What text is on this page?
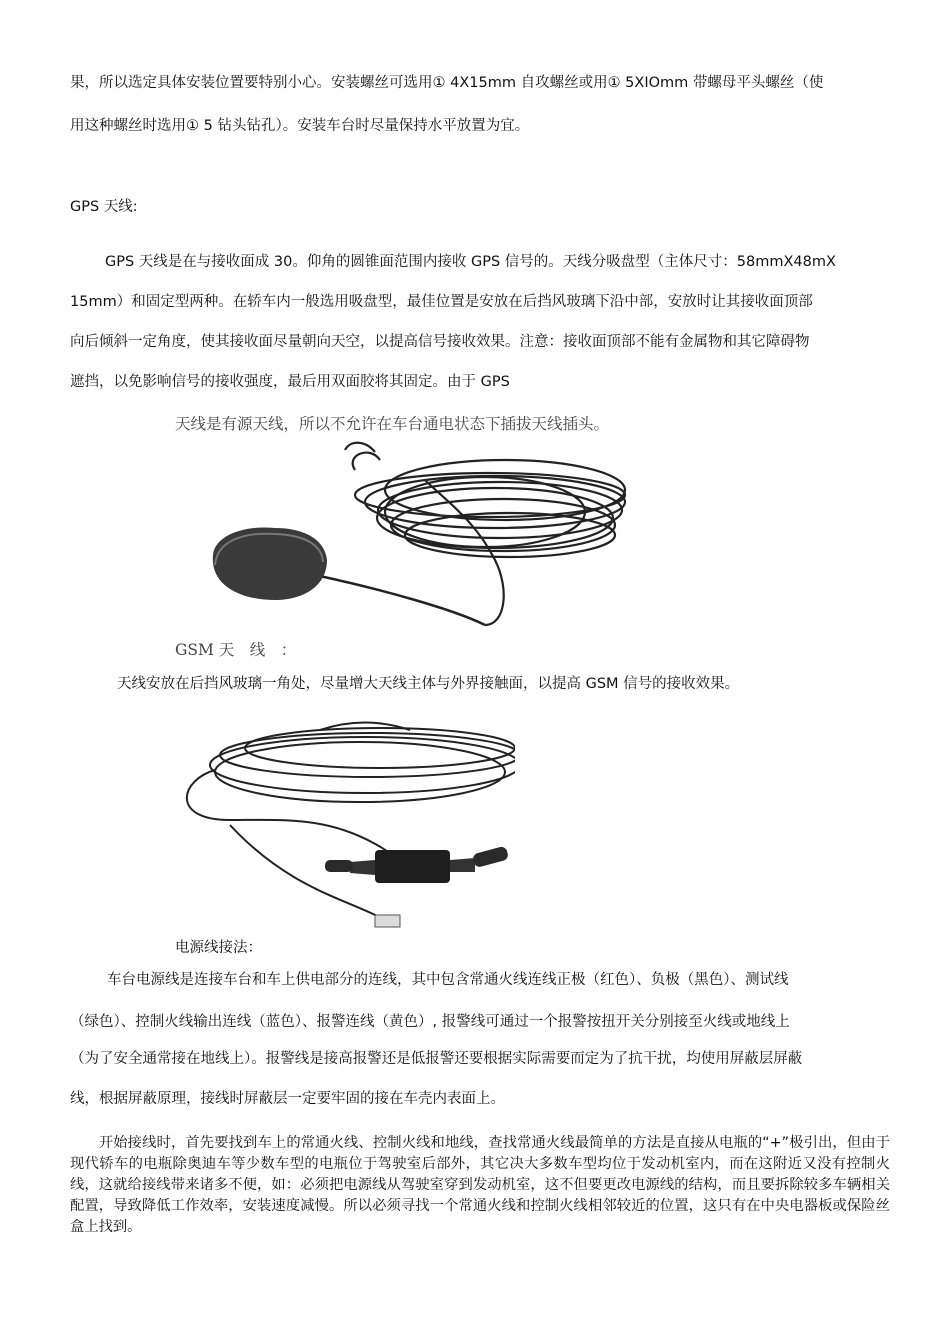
果，所以选定具体安装位置要特别小心。安装螺丝可选用① 4X15mm 自攻螺丝或用① 5XIOmm 带螺母平头螺丝（使
用这种螺丝时选用① 5 钻头钻孔）。安装车台时尽量保持水平放置为宜。
GPS 天线:
GPS 天线是在与接收面成 30。仰角的圆锥面范围内接收 GPS 信号的。天线分吸盘型（主体尺寸：58mmX48mX
15mm）和固定型两种。在轿车内一般选用吸盘型，最佳位置是安放在后挡风玻璃下沿中部，安放时让其接收面顶部
向后倾斜一定角度，使其接收面尽量朝向天空，以提高信号接收效果。注意：接收面顶部不能有金属物和其它障碍物
遮挡，以免影响信号的接收强度，最后用双面胶将其固定。由于 GPS
天线是有源天线，所以不允许在车台通电状态下插拔天线插头。
GSM 天　线　：
天线安放在后挡风玻璃一角处，尽量增大天线主体与外界接触面，以提高 GSM 信号的接收效果。
电源线接法：
车台电源线是连接车台和车上供电部分的连线，其中包含常通火线连线正极（红色）、负极（黑色）、测试线
（绿色）、控制火线输出连线（蓝色）、报警连线（黄色）, 报警线可通过一个报警按扭开关分别接至火线或地线上
（为了安全通常接在地线上）。报警线是接高报警还是低报警还要根据实际需要而定为了抗干扰，均使用屏蔽层屏蔽
线，根据屏蔽原理，接线时屏蔽层一定要牢固的接在车壳内表面上。
　　开始接线时，首先要找到车上的常通火线、控制火线和地线，查找常通火线最简单的方法是直接从电瓶的“+”极引出，但由于现代轿车的电瓶除奥迪车等少数车型的电瓶位于驾驶室后部外，其它决大多数车型均位于发动机室内，而在这附近又没有控制火线，这就给接线带来诸多不便，如：必须把电源线从驾驶室穿到发动机室，这不但要更改电源线的结构，而且要拆除较多车辆相关配置，导致降低工作效率，安装速度减慢。所以必须寻找一个常通火线和控制火线相邻较近的位置，这只有在中央电器板或保险丝盒上找到。
